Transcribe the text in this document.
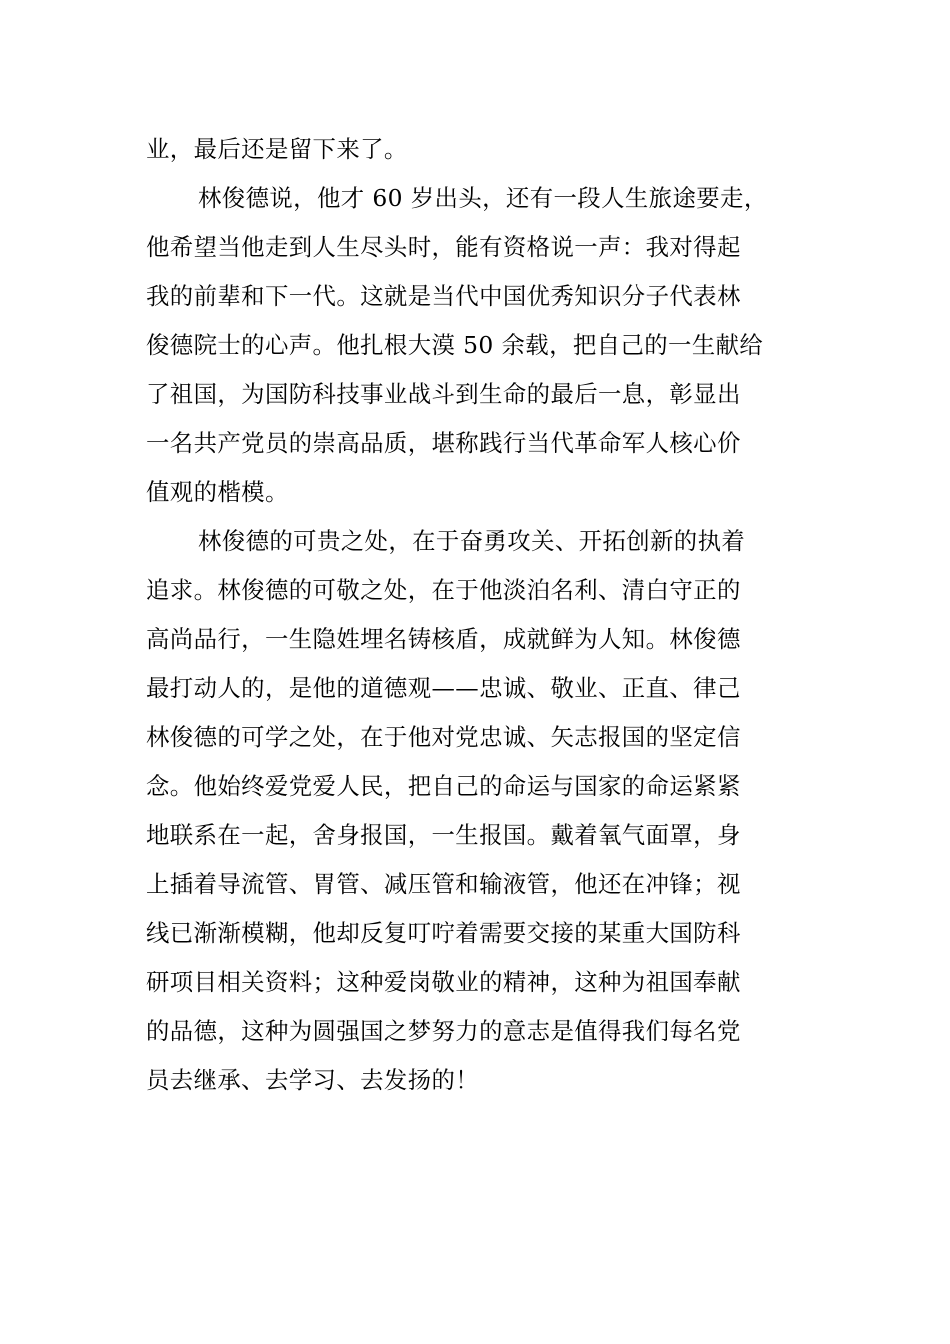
业，最后还是留下来了。
林俊德说，他才 60 岁出头，还有一段人生旅途要走，
他希望当他走到人生尽头时，能有资格说一声：我对得起
我的前辈和下一代。这就是当代中国优秀知识分子代表林
俊德院士的心声。他扎根大漠 50 余载，把自己的一生献给
了祖国，为国防科技事业战斗到生命的最后一息，彰显出
一名共产党员的崇高品质，堪称践行当代革命军人核心价
值观的楷模。
林俊德的可贵之处，在于奋勇攻关、开拓创新的执着
追求。林俊德的可敬之处，在于他淡泊名利、清白守正的
高尚品行，一生隐姓埋名铸核盾，成就鲜为人知。林俊德
最打动人的，是他的道德观——忠诚、敬业、正直、律己
林俊德的可学之处，在于他对党忠诚、矢志报国的坚定信
念。他始终爱党爱人民，把自己的命运与国家的命运紧紧
地联系在一起，舍身报国，一生报国。戴着氧气面罩，身
上插着导流管、胃管、减压管和输液管，他还在冲锋；视
线已渐渐模糊，他却反复叮咛着需要交接的某重大国防科
研项目相关资料；这种爱岗敬业的精神，这种为祖国奉献
的品德，这种为圆强国之梦努力的意志是值得我们每名党
员去继承、去学习、去发扬的！
